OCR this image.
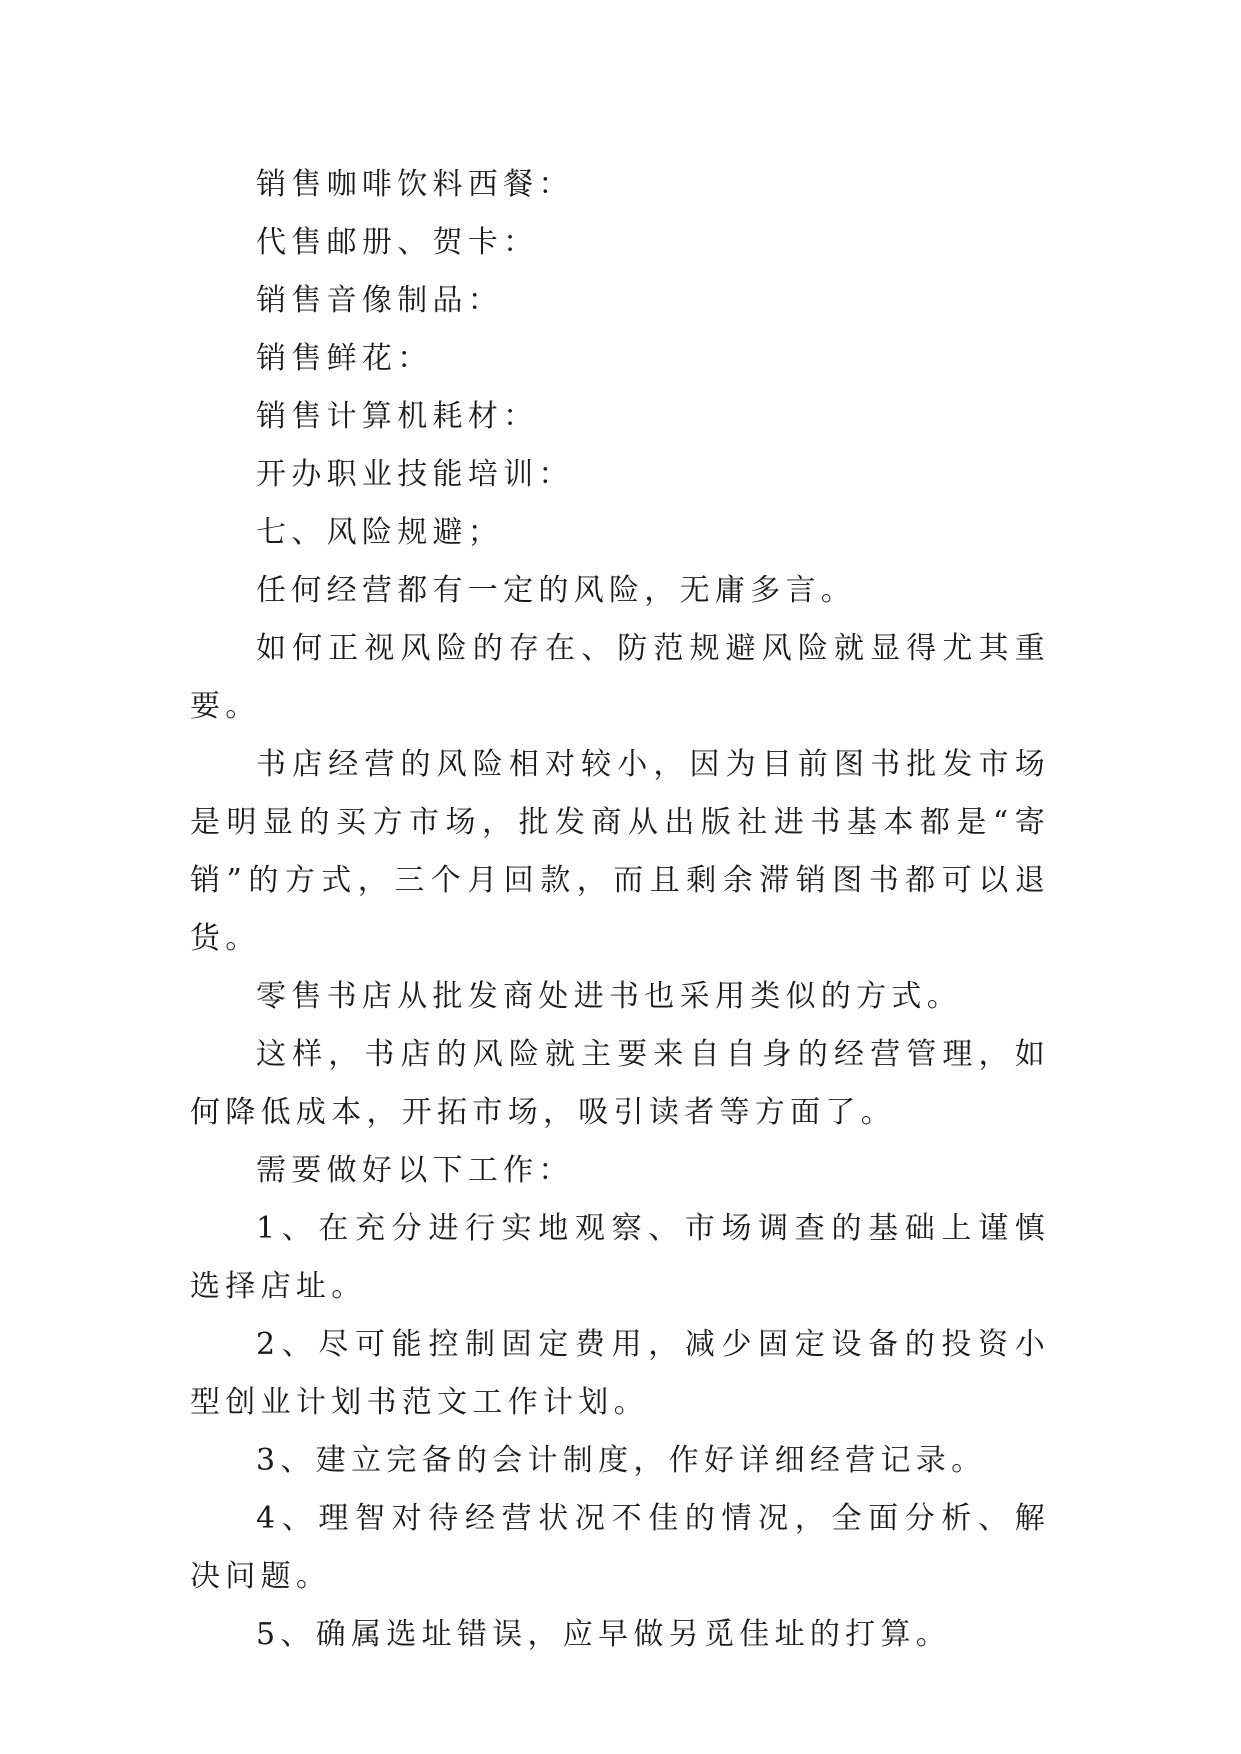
销售咖啡饮料西餐：

代售邮册、贺卡：

销售音像制品：

销售鲜花：

销售计算机耗材：

开办职业技能培训：

七、风险规避；

任何经营都有一定的风险，无庸多言。

如何正视风险的存在、防范规避风险就显得尤其重要。

书店经营的风险相对较小，因为目前图书批发市场是明显的买方市场，批发商从出版社进书基本都是“寄销”的方式，三个月回款，而且剩余滞销图书都可以退货。

零售书店从批发商处进书也采用类似的方式。

这样，书店的风险就主要来自自身的经营管理，如何降低成本，开拓市场，吸引读者等方面了。

需要做好以下工作：

1、在充分进行实地观察、市场调查的基础上谨慎选择店址。

2、尽可能控制固定费用，减少固定设备的投资小型创业计划书范文工作计划。

3、建立完备的会计制度，作好详细经营记录。

4、理智对待经营状况不佳的情况，全面分析、解决问题。

5、确属选址错误，应早做另觅佳址的打算。
